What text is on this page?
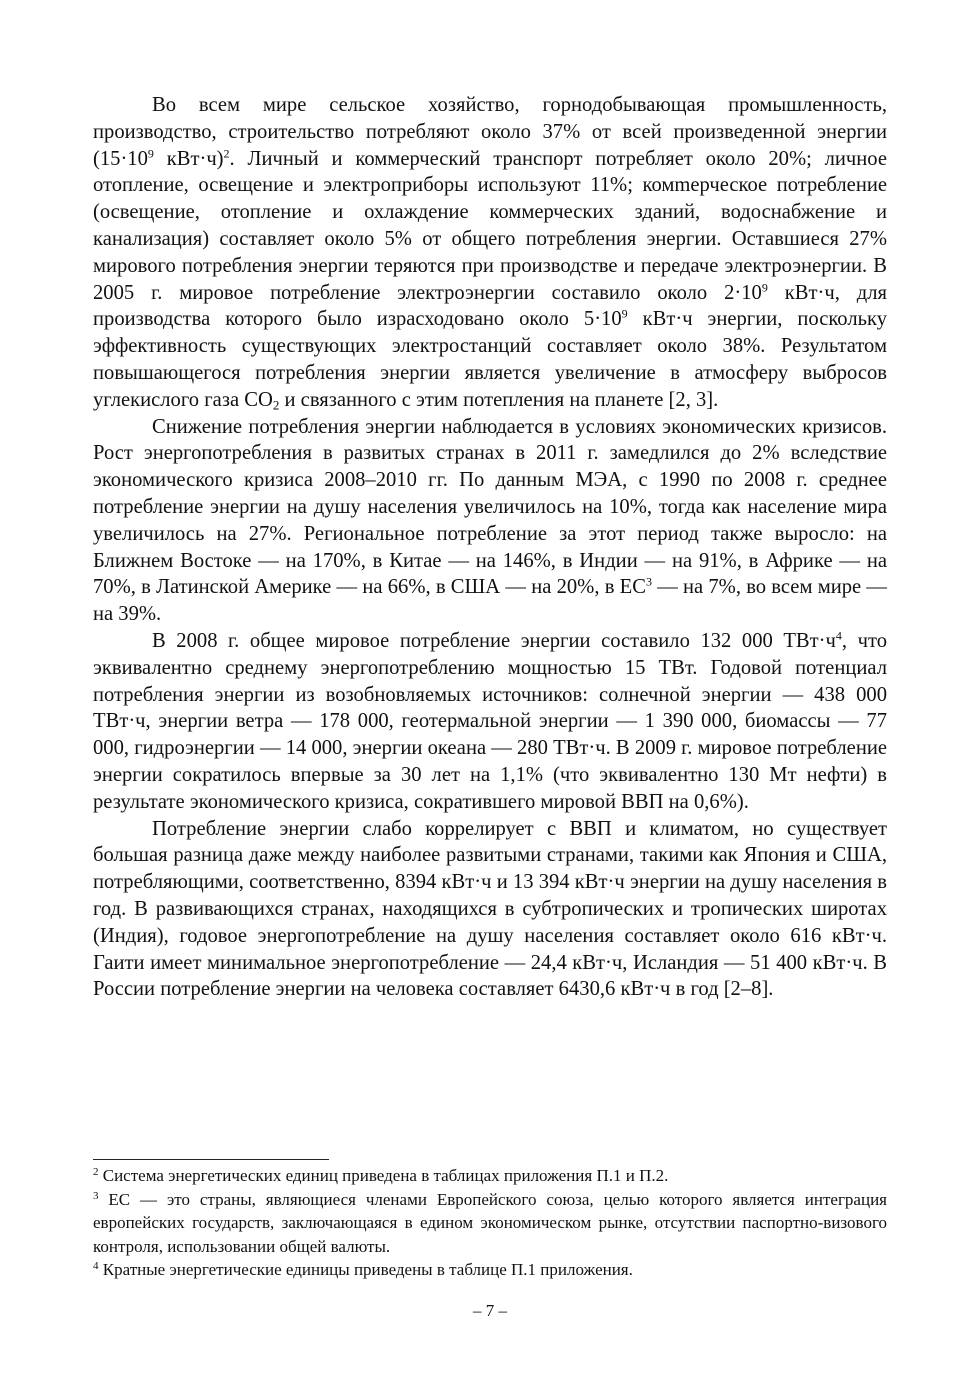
Во всем мире сельское хозяйство, горнодобывающая промышленность, производство, строительство потребляют около 37% от всей произведенной энергии ($15\cdot 10^9$ кВт·ч)$^2$. Личный и коммерческий транспорт потребляет около 20%; личное отопление, освещение и электроприборы используют 11%; комmерческое потребление (освещение, отопление и охлаждение коммерческих зданий, водоснабжение и канализация) составляет около 5% от общего потребления энергии. Оставшиеся 27% мирового потребления энергии теряются при производстве и передаче электроэнергии. В 2005 г. мировое потребление электроэнергии составило около $2\cdot 10^9$ кВт·ч, для производства которого было израсходовано около $5\cdot 10^9$ кВт·ч энергии, поскольку эффективность существующих электростанций составляет около 38%. Результатом повышающегося потребления энергии является увеличение в атмосферу выбросов углекислого газа $CO_2$ и связанного с этим потепления на планете [2, 3].

Снижение потребления энергии наблюдается в условиях экономических кризисов. Рост энергопотребления в развитых странах в 2011 г. замедлился до 2% вследствие экономического кризиса 2008–2010 гг. По данным МЭА, с 1990 по 2008 г. среднее потребление энергии на душу населения увеличилось на 10%, тогда как население мира увеличилось на 27%. Региональное потребление за этот период также выросло: на Ближнем Востоке — на 170%, в Китае — на 146%, в Индии — на 91%, в Африке — на 70%, в Латинской Америке — на 66%, в США — на 20%, в $ЕС^3$ — на 7%, во всем мире — на 39%.

В 2008 г. общее мировое потребление энергии составило 132 000 $ТВт\cdot ч^4$, что эквивалентно среднему энергопотреблению мощностью 15 ТВт. Годовой потенциал потребления энергии из возобновляемых источников: солнечной энергии — 438 000 ТВт·ч, энергии ветра — 178 000, геотермальной энергии — 1 390 000, биомассы — 77 000, гидроэнергии — 14 000, энергии океана — 280 ТВт·ч. В 2009 г. мировое потребление энергии сократилось впервые за 30 лет на 1,1% (что эквивалентно 130 Мт нефти) в результате экономического кризиса, сократившего мировой ВВП на 0,6%).

Потребление энергии слабо коррелирует с ВВП и климатом, но существует большая разница даже между наиболее развитыми странами, такими как Япония и США, потребляющими, соответственно, 8394 кВт·ч и 13 394 кВт·ч энергии на душу населения в год. В развивающихся странах, находящихся в субтропических и тропических широтах (Индия), годовое энергопотребление на душу населения составляет около 616 кВт·ч. Гаити имеет минимальное энергопотребление — 24,4 кВт·ч, Исландия — 51 400 кВт·ч. В России потребление энергии на человека составляет 6430,6 кВт·ч в год [2–8].

$^2$ Система энергетических единиц приведена в таблицах приложения П.1 и П.2.

$^3$ ЕС — это страны, являющиеся членами Европейского союза, целью которого является интеграция европейских государств, заключающаяся в едином экономическом рынке, отсутствии паспортно-визового контроля, использовании общей валюты.

$^4$ Кратные энергетические единицы приведены в таблице П.1 приложения.

– 7 –
